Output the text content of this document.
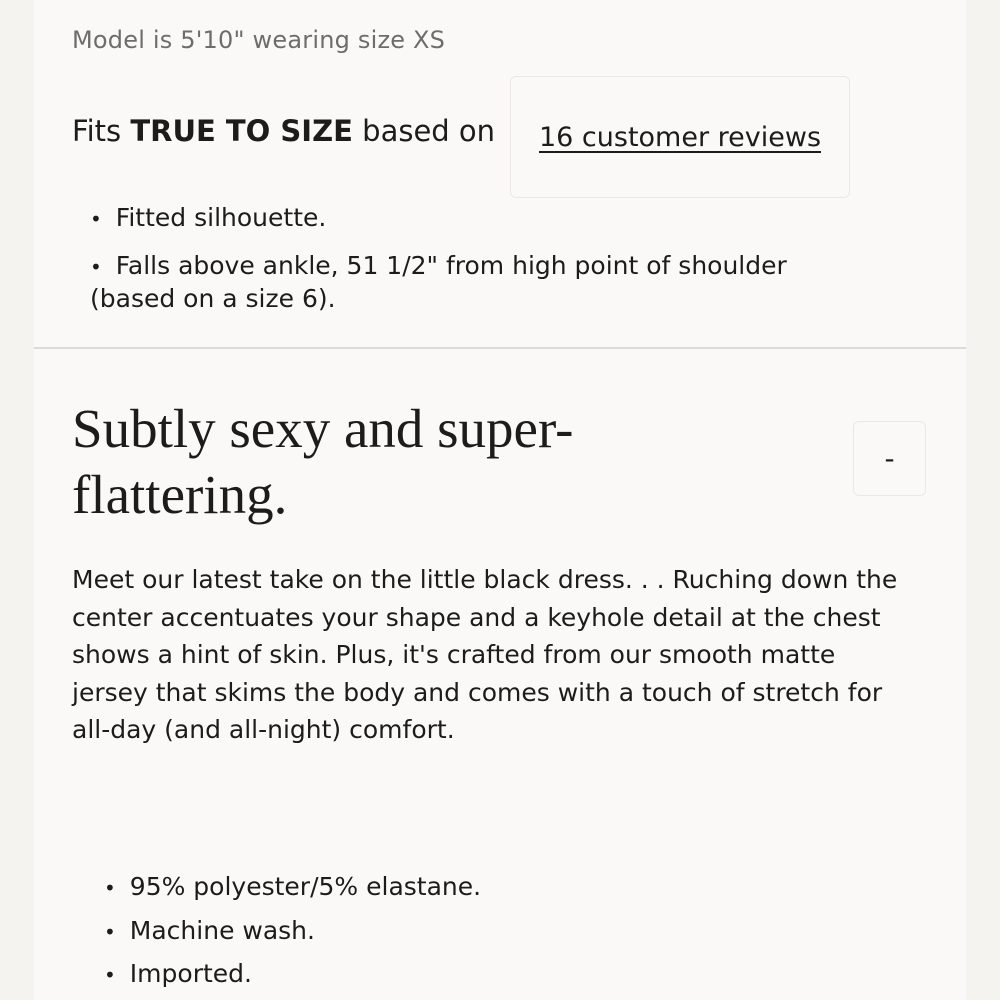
Model is 5'10" wearing size XS
Fits TRUE TO SIZE based on 16 customer reviews
• Fitted silhouette.
• Falls above ankle, 51 1/2" from high point of shoulder (based on a size 6).
Subtly sexy and super-flattering.
-

Meet our latest take on the little black dress. . . Ruching down the center accentuates your shape and a keyhole detail at the chest shows a hint of skin. Plus, it's crafted from our smooth matte jersey that skims the body and comes with a touch of stretch for all-day (and all-night) comfort.

• 95% polyester/5% elastane.
• Machine wash.
• Imported.
